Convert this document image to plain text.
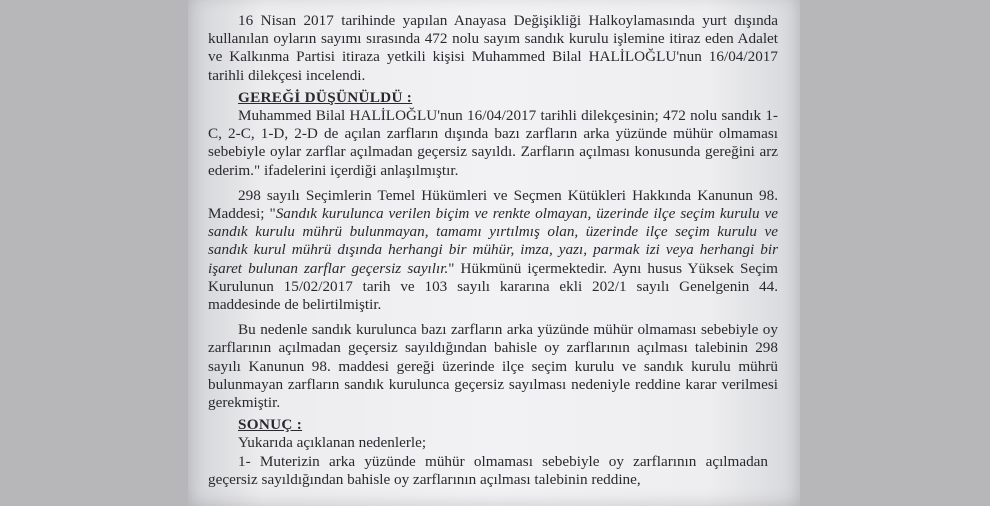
16 Nisan 2017 tarihinde yapılan Anayasa Değişikliği Halkoylamasında yurt dışında kullanılan oyların sayımı sırasında 472 nolu sayım sandık kurulu işlemine itiraz eden Adalet ve Kalkınma Partisi itiraza yetkili kişisi Muhammed Bilal HALİLOĞLU'nun 16/04/2017 tarihli dilekçesi incelendi.

GEREĞİ DÜŞÜNÜLDÜ :

Muhammed Bilal HALİLOĞLU'nun 16/04/2017 tarihli dilekçesinin; 472 nolu sandık 1-C, 2-C, 1-D, 2-D de açılan zarfların dışında bazı zarfların arka yüzünde mühür olmaması sebebiyle oylar zarflar açılmadan geçersiz sayıldı. Zarfların açılması konusunda gereğini arz ederim." ifadelerini içerdiği anlaşılmıştır.

298 sayılı Seçimlerin Temel Hükümleri ve Seçmen Kütükleri Hakkında Kanunun 98. Maddesi; "Sandık kurulunca verilen biçim ve renkte olmayan, üzerinde ilçe seçim kurulu ve sandık kurulu mührü bulunmayan, tamamı yırtılmış olan, üzerinde ilçe seçim kurulu ve sandık kurul mührü dışında herhangi bir mühür, imza, yazı, parmak izi veya herhangi bir işaret bulunan zarflar geçersiz sayılır." Hükmünü içermektedir. Aynı husus Yüksek Seçim Kurulunun 15/02/2017 tarih ve 103 sayılı kararına ekli 202/1 sayılı Genelgenin 44. maddesinde de belirtilmiştir.

Bu nedenle sandık kurulunca bazı zarfların arka yüzünde mühür olmaması sebebiyle oy zarflarının açılmadan geçersiz sayıldığından bahisle oy zarflarının açılması talebinin 298 sayılı Kanunun 98. maddesi gereği üzerinde ilçe seçim kurulu ve sandık kurulu mührü bulunmayan zarfların sandık kurulunca geçersiz sayılması nedeniyle reddine karar verilmesi gerekmiştir.

SONUÇ :

Yukarıda açıklanan nedenlerle;

1- Muterizin arka yüzünde mühür olmaması sebebiyle oy zarflarının açılmadan geçersiz sayıldığından bahisle oy zarflarının açılması talebinin reddine,
